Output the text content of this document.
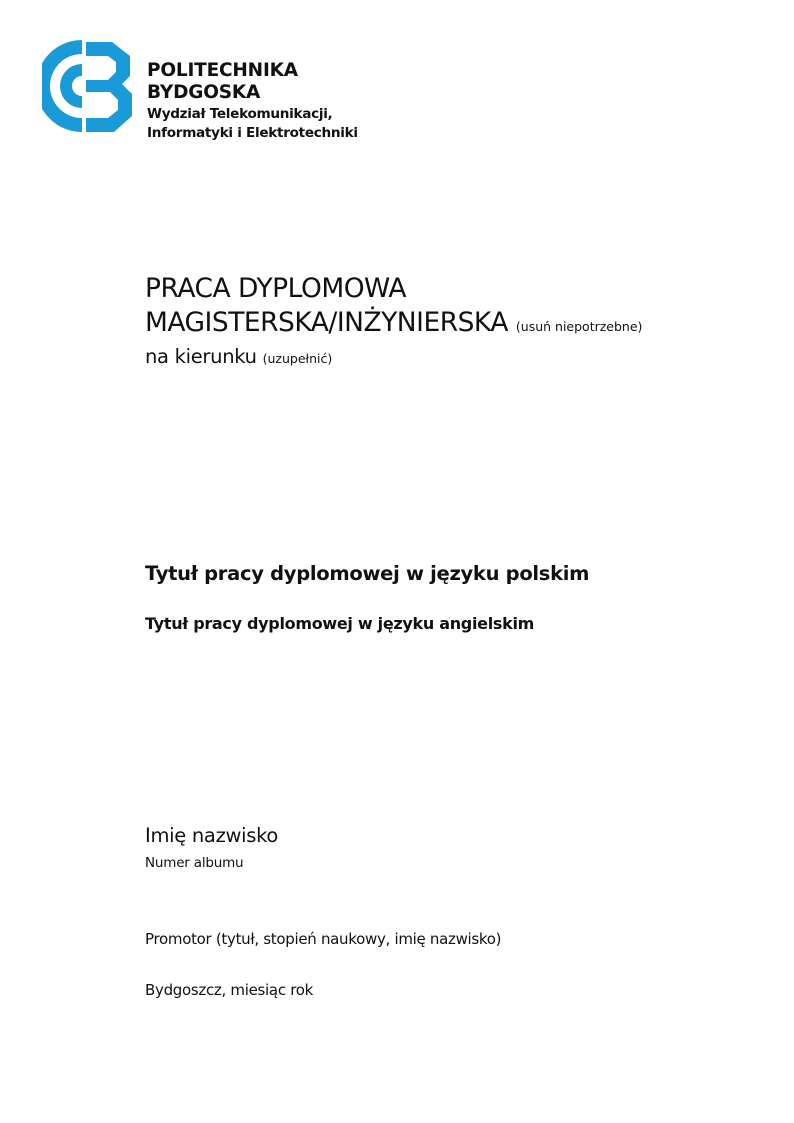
POLITECHNIKA
BYDGOSKA
Wydział Telekomunikacji,
Informatyki i Elektrotechniki
PRACA DYPLOMOWA
MAGISTERSKA/INŻYNIERSKA (usuń niepotrzebne)
na kierunku (uzupełnić)
Tytuł pracy dyplomowej w języku polskim
Tytuł pracy dyplomowej w języku angielskim
Imię nazwisko
Numer albumu
Promotor (tytuł, stopień naukowy, imię nazwisko)
Bydgoszcz, miesiąc rok
